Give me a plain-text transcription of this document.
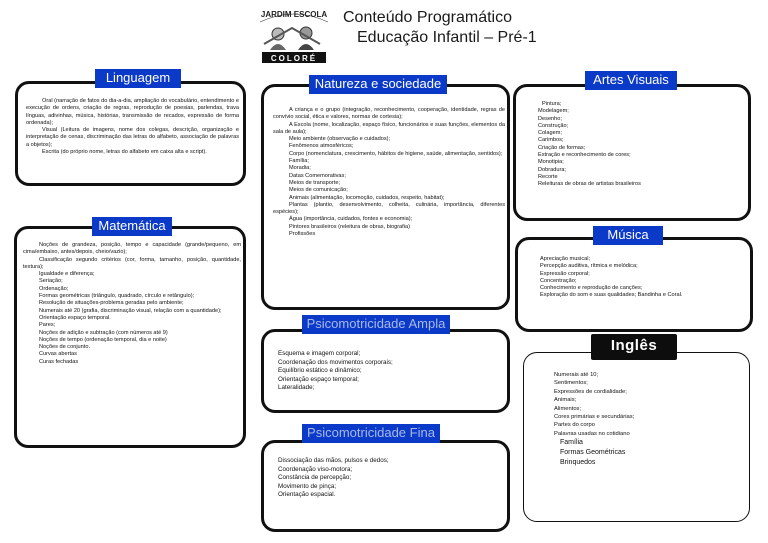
JARDIM ESCOLA
COLORÉ
Conteúdo Programático
Educação Infantil – Pré-1

Oral (narração de fatos do dia-a-dia, ampliação do vocabulário, entendimento e execução de ordens, criação de regras, reprodução de poesias, parlendas, trava línguas, adivinhas, música, histórias, transmissão de recados, expressão de forma ordenada);

Visual (Leitura de imagens, nome dos colegas, descrição, organização e interpretação de cenas, discriminação das letras do alfabeto, associação de palavras a objetos);

Escrita (do próprio nome, letras do alfabeto em caixa alta e script).

Linguagem

Noções de grandeza, posição, tempo e capacidade (grande/pequeno, em cima/embaixo, antes/depois, cheio/vazio);

Classificação segundo critérios (cor, forma, tamanho, posição, quantidade, textura);

Igualdade e diferença;

Seriação;

Ordenação;

Formas geométricas (triângulo, quadrado, círculo e retângulo);

Resolução de situações-problema geradas pelo ambiente;

Numerais até 20 (grafia, discriminação visual, relação com a quantidade);

Orientação espaço temporal.

Pares;

Noções de adição e subtração (com números até 9)

Noções de tempo (ordenação temporal, dia e noite)

Noções de conjunto.

Curvas abertas

Curas fechadas

Matemática

A criança e o grupo (integração, reconhecimento, cooperação, identidade, regras de convívio social, ética e valores, normas de cortesia);

A Escola (nome, localização, espaço físico, funcionários e suas funções, elementos da sala de aula);

Meio ambiente (observação e cuidados);

Fenômenos atmosféricos;

Corpo (nomenclatura, crescimento, hábitos de higiene, saúde, alimentação, sentidos);

Família;

Moradia;

Datas Comemorativas;

Meios de transporte;

Meios de comunicação;

Animais (alimentação, locomoção, cuidados, respeito, habitat);

Plantas (plantio, desenvolvimento, colheita, culinária, importância, diferentes espécies);

Água (importância, cuidados, fontes e economia);

Pintores brasileiros (releitura de obras, biografia)

Profissões

Natureza e sociedade

Esquema e imagem corporal;

Coordenação dos movimentos corporais;

Equilíbrio estático e dinâmico;

Orientação espaço temporal;

Lateralidade;

Psicomotricidade Ampla

Dissociação das mãos, pulsos e dedos;

Coordenação viso-motora;

Constância de percepção;

Movimento de pinça;

Orientação espacial.

Psicomotricidade Fina

Pintura;

Modelagem;

Desenho;

Construção;

Colagem;

Carimbos;

Criação de formas;

Extração e reconhecimento de cores;

Monotipia;

Dobradura;

Recorte

Releituras de obras de artistas brasileiros

Artes Visuais

Apreciação musical;

Percepção auditiva, rítmica e melódica;

Expressão corporal;

Concentração;

Conhecimento e reprodução de canções;

Exploração do som e suas qualidades; Bandinha e Coral.

Música

Numerais até 10;

Sentimentos;

Expressões de cordialidade;

Animais;

Alimentos;

Cores primárias e secundárias;

Partes do corpo

Palavras usadas no cotidiano

Família

Formas Geométricas

Brinquedos

Inglês
